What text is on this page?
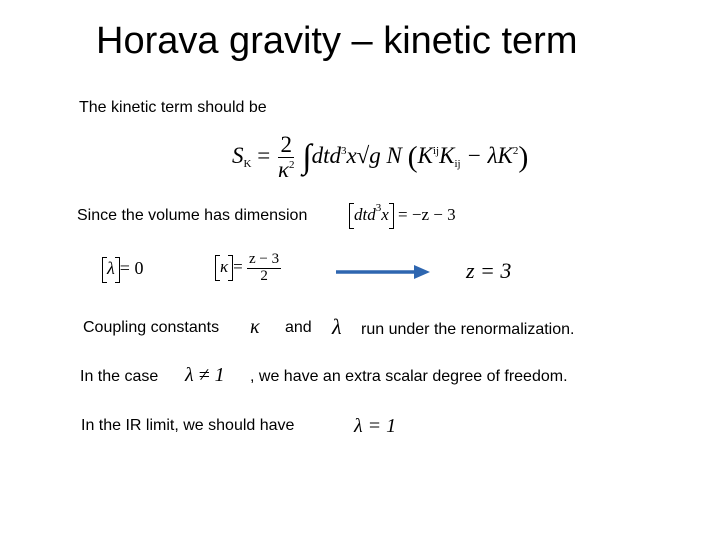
Horava gravity – kinetic term
The kinetic term should be
$S_K = \frac{2}{\kappa^2} \int dtd^3x√g$ N $(K^{ij}K_{ij} - \lambda K^2)$
Since the volume has dimension	dtd$^3$x = −z − 3
λ = 0	$\kappa = \frac{z - 3}{2}$	z = 3
Coupling constants κ and λ run under the renormalization.
In the case λ ≠ 1 , we have an extra scalar degree of freedom.
In the IR limit, we should have	λ = 1
